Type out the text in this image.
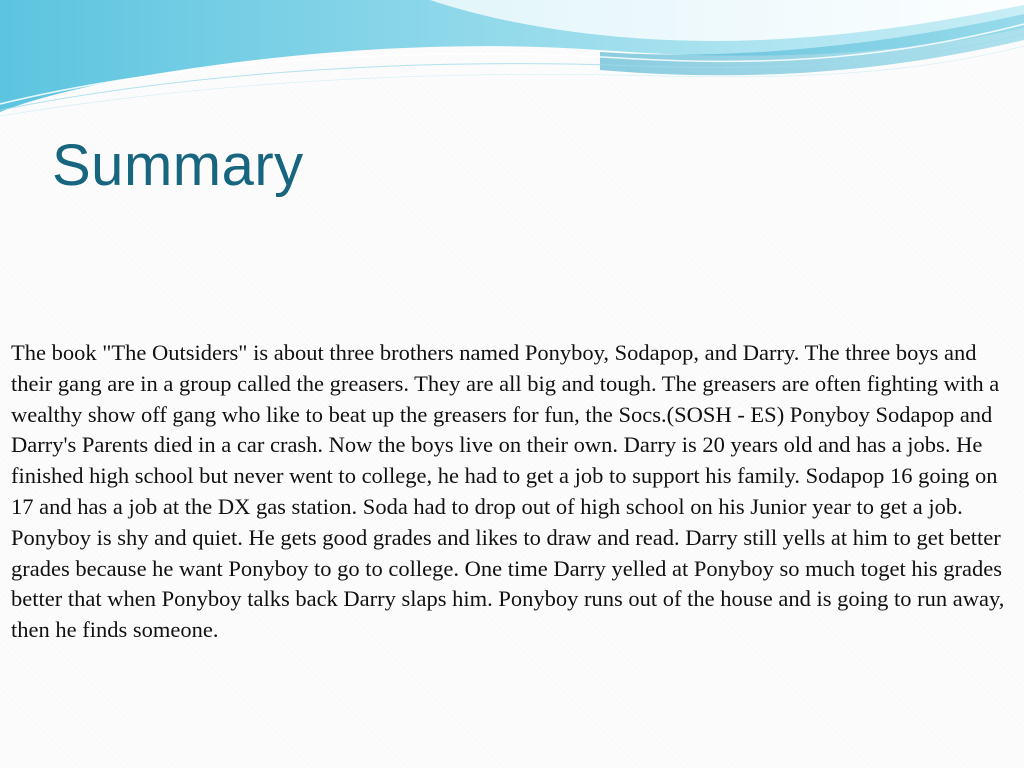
Summary

The book "The Outsiders" is about three brothers named Ponyboy, Sodapop, and Darry. The three boys and their gang are in a group called the greasers. They are all big and tough. The greasers are often fighting with a wealthy show off gang who like to beat up the greasers for fun, the Socs.(SOSH - ES) Ponyboy Sodapop and Darry's Parents died in a car crash. Now the boys live on their own. Darry is 20 years old and has a jobs. He finished high school but never went to college, he had to get a job to support his family. Sodapop 16 going on 17 and has a job at the DX gas station. Soda had to drop out of high school on his Junior year to get a job. Ponyboy is shy and quiet. He gets good grades and likes to draw and read. Darry still yells at him to get better grades because he want Ponyboy to go to college. One time Darry yelled at Ponyboy so much toget his grades better that when Ponyboy talks back Darry slaps him. Ponyboy runs out of the house and is going to run away, then he finds someone.
